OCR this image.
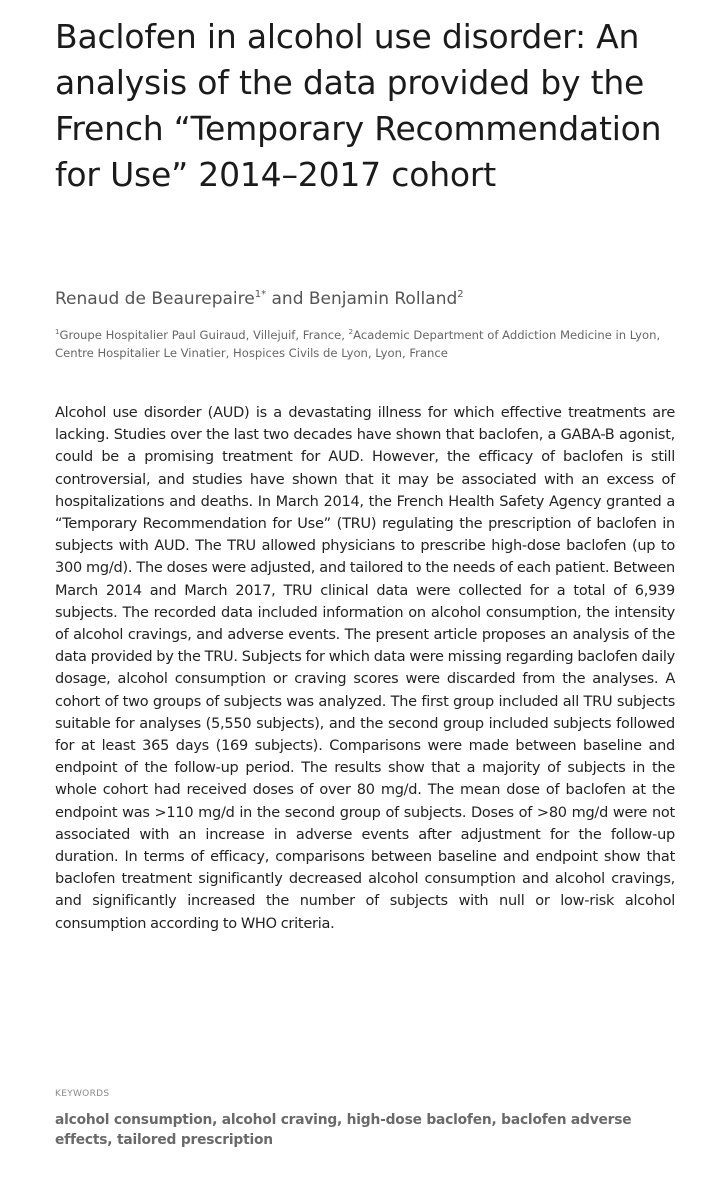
Baclofen in alcohol use disorder: An analysis of the data provided by the French “Temporary Recommendation for Use” 2014–2017 cohort
Renaud de Beaurepaire$^{1*}$ and Benjamin Rolland$^2$
$^1$Groupe Hospitalier Paul Guiraud, Villejuif, France, $^2$Academic Department of Addiction Medicine in Lyon, Centre Hospitalier Le Vinatier, Hospices Civils de Lyon, Lyon, France

Alcohol use disorder (AUD) is a devastating illness for which effective treatments are lacking. Studies over the last two decades have shown that baclofen, a GABA-B agonist, could be a promising treatment for AUD. However, the efficacy of baclofen is still controversial, and studies have shown that it may be associated with an excess of hospitalizations and deaths. In March 2014, the French Health Safety Agency granted a “Temporary Recommendation for Use” (TRU) regulating the prescription of baclofen in subjects with AUD. The TRU allowed physicians to prescribe high-dose baclofen (up to 300 mg/d). The doses were adjusted, and tailored to the needs of each patient. Between March 2014 and March 2017, TRU clinical data were collected for a total of 6,939 subjects. The recorded data included information on alcohol consumption, the intensity of alcohol cravings, and adverse events. The present article proposes an analysis of the data provided by the TRU. Subjects for which data were missing regarding baclofen daily dosage, alcohol consumption or craving scores were discarded from the analyses. A cohort of two groups of subjects was analyzed. The first group included all TRU subjects suitable for analyses (5,550 subjects), and the second group included subjects followed for at least 365 days (169 subjects). Comparisons were made between baseline and endpoint of the follow-up period. The results show that a majority of subjects in the whole cohort had received doses of over 80 mg/d. The mean dose of baclofen at the endpoint was >110 mg/d in the second group of subjects. Doses of >80 mg/d were not associated with an increase in adverse events after adjustment for the follow-up duration. In terms of efficacy, comparisons between baseline and endpoint show that baclofen treatment significantly decreased alcohol consumption and alcohol cravings, and significantly increased the number of subjects with null or low-risk alcohol consumption according to WHO criteria.

KEYWORDS
alcohol consumption, alcohol craving, high-dose baclofen, baclofen adverse effects, tailored prescription
